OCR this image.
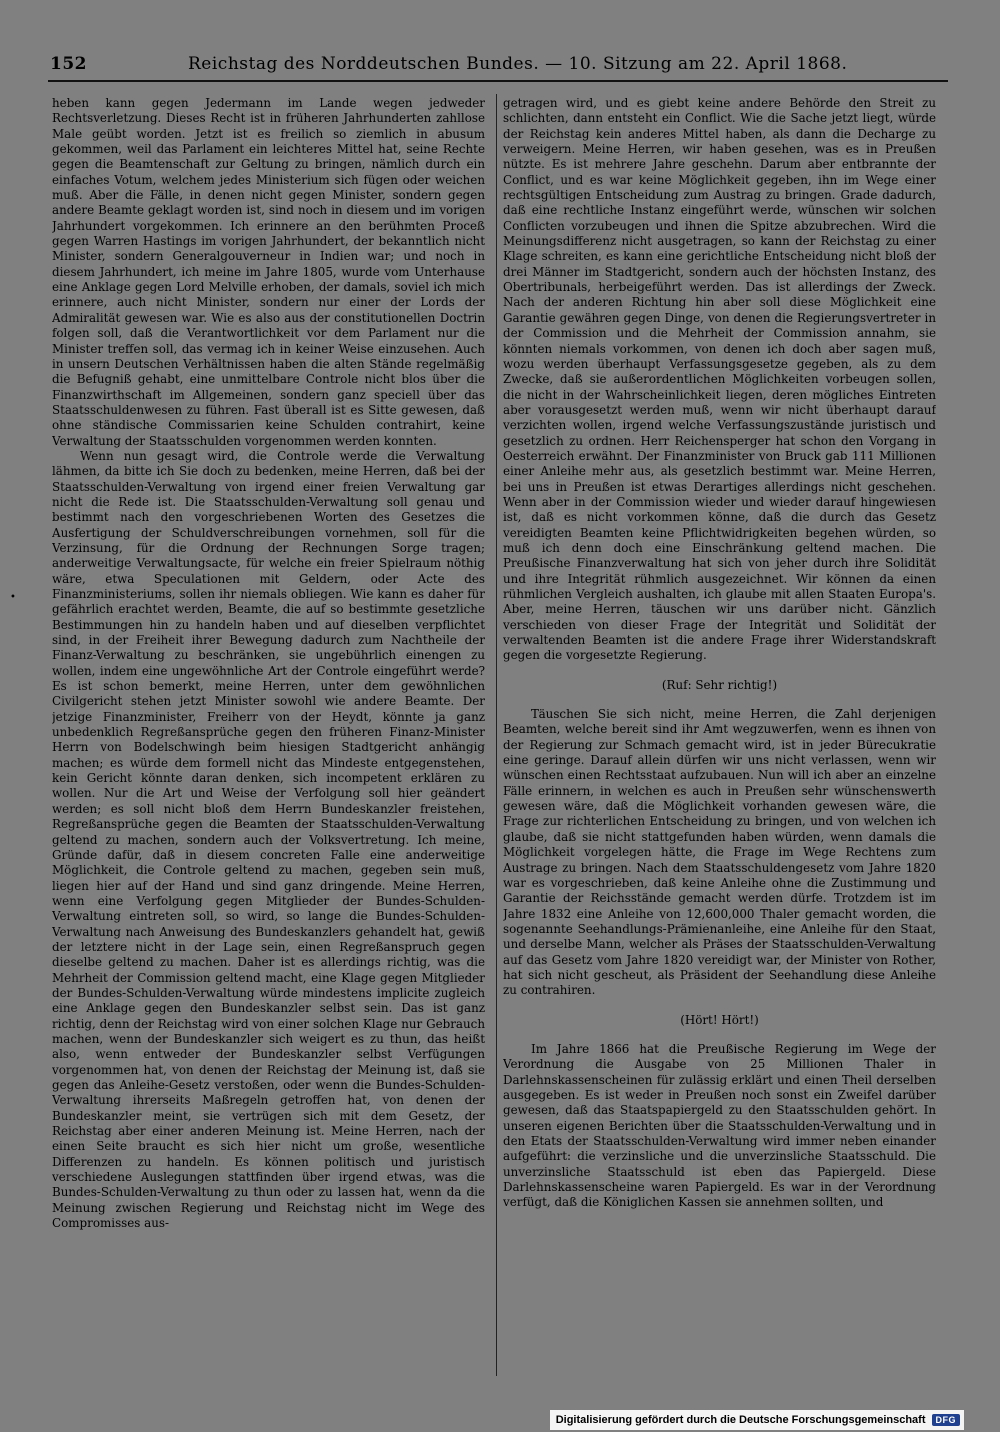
152	Reichstag des Norddeutschen Bundes. — 10. Sitzung am 22. April 1868.
•

heben kann gegen Jedermann im Lande wegen jedweder Rechtsverletzung. Dieses Recht ist in früheren Jahrhunderten zahllose Male geübt worden. Jetzt ist es freilich so ziemlich in abusum gekommen, weil das Parlament ein leichteres Mittel hat, seine Rechte gegen die Beamtenschaft zur Geltung zu bringen, nämlich durch ein einfaches Votum, welchem jedes Ministerium sich fügen oder weichen muß. Aber die Fälle, in denen nicht gegen Minister, sondern gegen andere Beamte geklagt worden ist, sind noch in diesem und im vorigen Jahrhundert vorgekommen. Ich erinnere an den berühmten Proceß gegen Warren Hastings im vorigen Jahrhundert, der bekanntlich nicht Minister, sondern Generalgouverneur in Indien war; und noch in diesem Jahrhundert, ich meine im Jahre 1805, wurde vom Unterhause eine Anklage gegen Lord Melville erhoben, der damals, soviel ich mich erinnere, auch nicht Minister, sondern nur einer der Lords der Admiralität gewesen war. Wie es also aus der constitutionellen Doctrin folgen soll, daß die Verantwortlichkeit vor dem Parlament nur die Minister treffen soll, das vermag ich in keiner Weise einzusehen. Auch in unsern Deutschen Verhältnissen haben die alten Stände regelmäßig die Befugniß gehabt, eine unmittelbare Controle nicht blos über die Finanzwirthschaft im Allgemeinen, sondern ganz speciell über das Staatsschuldenwesen zu führen. Fast überall ist es Sitte gewesen, daß ohne ständische Commissarien keine Schulden contrahirt, keine Verwaltung der Staatsschulden vorgenommen werden konnten.

Wenn nun gesagt wird, die Controle werde die Verwaltung lähmen, da bitte ich Sie doch zu bedenken, meine Herren, daß bei der Staatsschulden-Verwaltung von irgend einer freien Verwaltung gar nicht die Rede ist. Die Staatsschulden-Verwaltung soll genau und bestimmt nach den vorgeschriebenen Worten des Gesetzes die Ausfertigung der Schuldverschreibungen vornehmen, soll für die Verzinsung, für die Ordnung der Rechnungen Sorge tragen; anderweitige Verwaltungsacte, für welche ein freier Spielraum nöthig wäre, etwa Speculationen mit Geldern, oder Acte des Finanzministeriums, sollen ihr niemals obliegen. Wie kann es daher für gefährlich erachtet werden, Beamte, die auf so bestimmte gesetzliche Bestimmungen hin zu handeln haben und auf dieselben verpflichtet sind, in der Freiheit ihrer Bewegung dadurch zum Nachtheile der Finanz-Verwaltung zu beschränken, sie ungebührlich einengen zu wollen, indem eine ungewöhnliche Art der Controle eingeführt werde? Es ist schon bemerkt, meine Herren, unter dem gewöhnlichen Civilgericht stehen jetzt Minister sowohl wie andere Beamte. Der jetzige Finanzminister, Freiherr von der Heydt, könnte ja ganz unbedenklich Regreßansprüche gegen den früheren Finanz-Minister Herrn von Bodelschwingh beim hiesigen Stadtgericht anhängig machen; es würde dem formell nicht das Mindeste entgegenstehen, kein Gericht könnte daran denken, sich incompetent erklären zu wollen. Nur die Art und Weise der Verfolgung soll hier geändert werden; es soll nicht bloß dem Herrn Bundeskanzler freistehen, Regreßansprüche gegen die Beamten der Staatsschulden-Verwaltung geltend zu machen, sondern auch der Volksvertretung. Ich meine, Gründe dafür, daß in diesem concreten Falle eine anderweitige Möglichkeit, die Controle geltend zu machen, gegeben sein muß, liegen hier auf der Hand und sind ganz dringende. Meine Herren, wenn eine Verfolgung gegen Mitglieder der Bundes-Schulden-Verwaltung eintreten soll, so wird, so lange die Bundes-Schulden-Verwaltung nach Anweisung des Bundeskanzlers gehandelt hat, gewiß der letztere nicht in der Lage sein, einen Regreßanspruch gegen dieselbe geltend zu machen. Daher ist es allerdings richtig, was die Mehrheit der Commission geltend macht, eine Klage gegen Mitglieder der Bundes-Schulden-Verwaltung würde mindestens implicite zugleich eine Anklage gegen den Bundeskanzler selbst sein. Das ist ganz richtig, denn der Reichstag wird von einer solchen Klage nur Gebrauch machen, wenn der Bundeskanzler sich weigert es zu thun, das heißt also, wenn entweder der Bundeskanzler selbst Verfügungen vorgenommen hat, von denen der Reichstag der Meinung ist, daß sie gegen das Anleihe-Gesetz verstoßen, oder wenn die Bundes-Schulden-Verwaltung ihrerseits Maßregeln getroffen hat, von denen der Bundeskanzler meint, sie vertrügen sich mit dem Gesetz, der Reichstag aber einer anderen Meinung ist. Meine Herren, nach der einen Seite braucht es sich hier nicht um große, wesentliche Differenzen zu handeln. Es können politisch und juristisch verschiedene Auslegungen stattfinden über irgend etwas, was die Bundes-Schulden-Verwaltung zu thun oder zu lassen hat, wenn da die Meinung zwischen Regierung und Reichstag nicht im Wege des Compromisses aus-

getragen wird, und es giebt keine andere Behörde den Streit zu schlichten, dann entsteht ein Conflict. Wie die Sache jetzt liegt, würde der Reichstag kein anderes Mittel haben, als dann die Decharge zu verweigern. Meine Herren, wir haben gesehen, was es in Preußen nützte. Es ist mehrere Jahre geschehn. Darum aber entbrannte der Conflict, und es war keine Möglichkeit gegeben, ihn im Wege einer rechtsgültigen Entscheidung zum Austrag zu bringen. Grade dadurch, daß eine rechtliche Instanz eingeführt werde, wünschen wir solchen Conflicten vorzubeugen und ihnen die Spitze abzubrechen. Wird die Meinungsdifferenz nicht ausgetragen, so kann der Reichstag zu einer Klage schreiten, es kann eine gerichtliche Entscheidung nicht bloß der drei Männer im Stadtgericht, sondern auch der höchsten Instanz, des Obertribunals, herbeigeführt werden. Das ist allerdings der Zweck. Nach der anderen Richtung hin aber soll diese Möglichkeit eine Garantie gewähren gegen Dinge, von denen die Regierungsvertreter in der Commission und die Mehrheit der Commission annahm, sie könnten niemals vorkommen, von denen ich doch aber sagen muß, wozu werden überhaupt Verfassungsgesetze gegeben, als zu dem Zwecke, daß sie außerordentlichen Möglichkeiten vorbeugen sollen, die nicht in der Wahrscheinlichkeit liegen, deren mögliches Eintreten aber vorausgesetzt werden muß, wenn wir nicht überhaupt darauf verzichten wollen, irgend welche Verfassungszustände juristisch und gesetzlich zu ordnen. Herr Reichensperger hat schon den Vorgang in Oesterreich erwähnt. Der Finanzminister von Bruck gab 111 Millionen einer Anleihe mehr aus, als gesetzlich bestimmt war. Meine Herren, bei uns in Preußen ist etwas Derartiges allerdings nicht geschehen. Wenn aber in der Commission wieder und wieder darauf hingewiesen ist, daß es nicht vorkommen könne, daß die durch das Gesetz vereidigten Beamten keine Pflichtwidrigkeiten begehen würden, so muß ich denn doch eine Einschränkung geltend machen. Die Preußische Finanzverwaltung hat sich von jeher durch ihre Solidität und ihre Integrität rühmlich ausgezeichnet. Wir können da einen rühmlichen Vergleich aushalten, ich glaube mit allen Staaten Europa's. Aber, meine Herren, täuschen wir uns darüber nicht. Gänzlich verschieden von dieser Frage der Integrität und Solidität der verwaltenden Beamten ist die andere Frage ihrer Widerstandskraft gegen die vorgesetzte Regierung.

(Ruf: Sehr richtig!)

Täuschen Sie sich nicht, meine Herren, die Zahl derjenigen Beamten, welche bereit sind ihr Amt wegzuwerfen, wenn es ihnen von der Regierung zur Schmach gemacht wird, ist in jeder Bürecukratie eine geringe. Darauf allein dürfen wir uns nicht verlassen, wenn wir wünschen einen Rechtsstaat aufzubauen. Nun will ich aber an einzelne Fälle erinnern, in welchen es auch in Preußen sehr wünschenswerth gewesen wäre, daß die Möglichkeit vorhanden gewesen wäre, die Frage zur richterlichen Entscheidung zu bringen, und von welchen ich glaube, daß sie nicht stattgefunden haben würden, wenn damals die Möglichkeit vorgelegen hätte, die Frage im Wege Rechtens zum Austrage zu bringen. Nach dem Staatsschuldengesetz vom Jahre 1820 war es vorgeschrieben, daß keine Anleihe ohne die Zustimmung und Garantie der Reichsstände gemacht werden dürfe. Trotzdem ist im Jahre 1832 eine Anleihe von 12,600,000 Thaler gemacht worden, die sogenannte Seehandlungs-Prämienanleihe, eine Anleihe für den Staat, und derselbe Mann, welcher als Präses der Staatsschulden-Verwaltung auf das Gesetz vom Jahre 1820 vereidigt war, der Minister von Rother, hat sich nicht gescheut, als Präsident der Seehandlung diese Anleihe zu contrahiren.

(Hört! Hört!)

Im Jahre 1866 hat die Preußische Regierung im Wege der Verordnung die Ausgabe von 25 Millionen Thaler in Darlehnskassenscheinen für zulässig erklärt und einen Theil derselben ausgegeben. Es ist weder in Preußen noch sonst ein Zweifel darüber gewesen, daß das Staatspapiergeld zu den Staatsschulden gehört. In unseren eigenen Berichten über die Staatsschulden-Verwaltung und in den Etats der Staatsschulden-Verwaltung wird immer neben einander aufgeführt: die verzinsliche und die unverzinsliche Staatsschuld. Die unverzinsliche Staatsschuld ist eben das Papiergeld. Diese Darlehnskassenscheine waren Papiergeld. Es war in der Verordnung verfügt, daß die Königlichen Kassen sie annehmen sollten, und

Digitalisierung gefördert durch die Deutsche Forschungsgemeinschaft	DFG
